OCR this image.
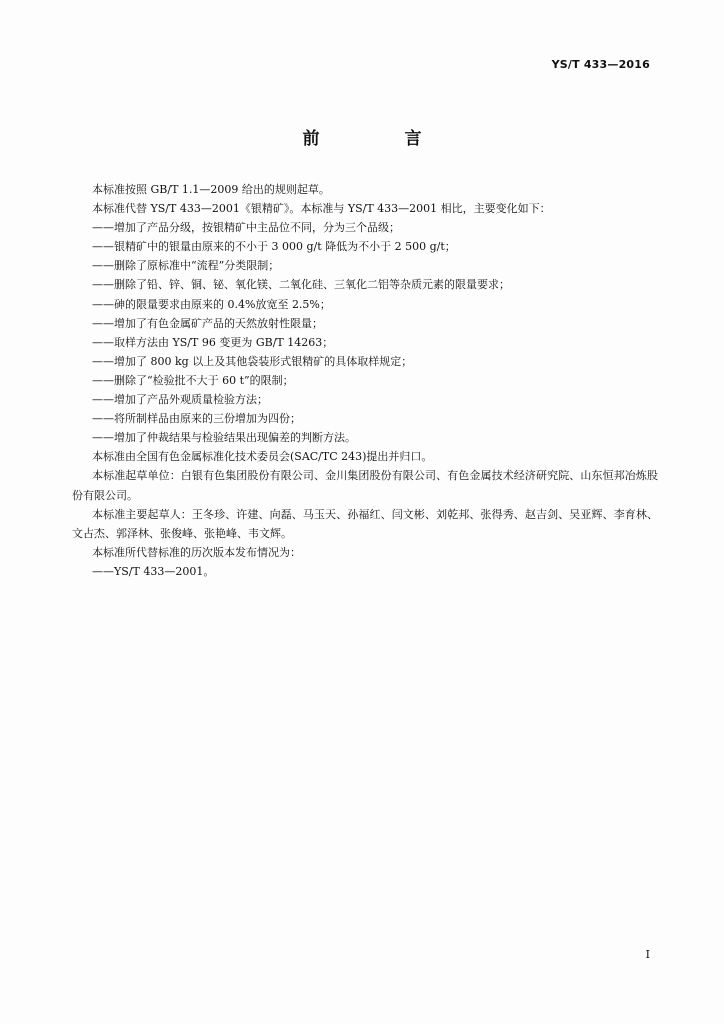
YS/T 433—2016
前　言

本标准按照 GB/T 1.1—2009 给出的规则起草。

本标准代替 YS/T 433—2001《银精矿》。本标准与 YS/T 433—2001 相比，主要变化如下：

——增加了产品分级，按银精矿中主品位不同，分为三个品级；

——银精矿中的银量由原来的不小于 3 000 g/t 降低为不小于 2 500 g/t；

——删除了原标准中“流程”分类限制；

——删除了铅、锌、铜、铋、氧化镁、二氧化硅、三氧化二铝等杂质元素的限量要求；

——砷的限量要求由原来的 0.4%放宽至 2.5%；

——增加了有色金属矿产品的天然放射性限量；

——取样方法由 YS/T 96 变更为 GB/T 14263；

——增加了 800 kg 以上及其他袋装形式银精矿的具体取样规定；

——删除了“检验批不大于 60 t”的限制；

——增加了产品外观质量检验方法；

——将所制样品由原来的三份增加为四份；

——增加了仲裁结果与检验结果出现偏差的判断方法。

本标准由全国有色金属标准化技术委员会(SAC/TC 243)提出并归口。

本标准起草单位：白银有色集团股份有限公司、金川集团股份有限公司、有色金属技术经济研究院、山东恒邦冶炼股份有限公司。

本标准主要起草人：王冬珍、许建、向磊、马玉天、孙福红、闫文彬、刘乾邦、张得秀、赵吉剑、吴亚辉、李育林、文占杰、郭泽林、张俊峰、张艳峰、韦文辉。

本标准所代替标准的历次版本发布情况为：

——YS/T 433—2001。

I
